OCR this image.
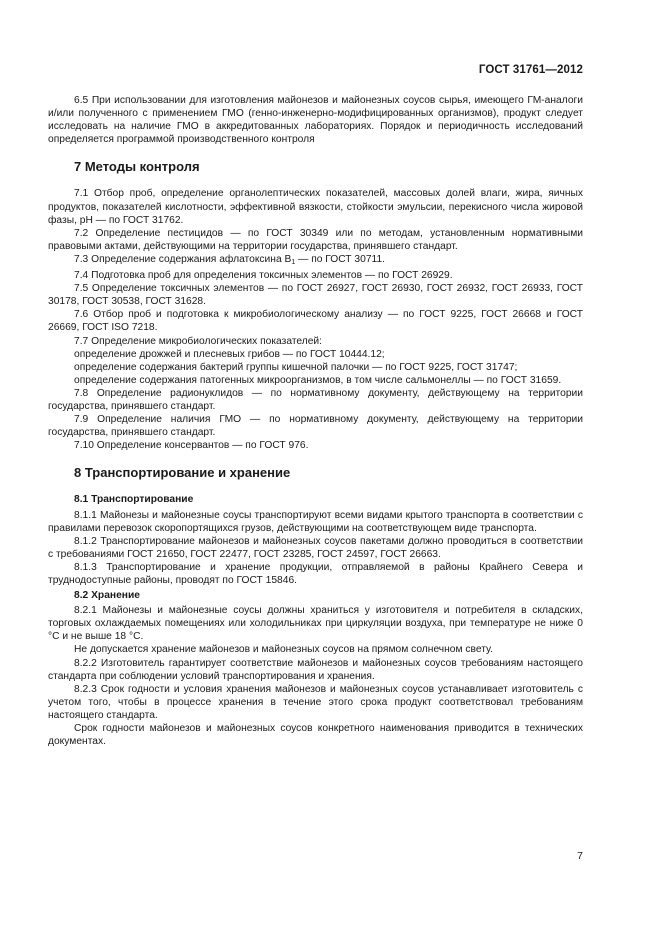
ГОСТ 31761—2012

6.5 При использовании для изготовления майонезов и майонезных соусов сырья, имеющего ГМ-аналоги и/или полученного с применением ГМО (генно-инженерно-модифицированных организмов), продукт следует исследовать на наличие ГМО в аккредитованных лабораториях. Порядок и периодичность исследований определяется программой производственного контроля

7 Методы контроля

7.1 Отбор проб, определение органолептических показателей, массовых долей влаги, жира, яичных продуктов, показателей кислотности, эффективной вязкости, стойкости эмульсии, перекисного числа жировой фазы, рН — по ГОСТ 31762.

7.2 Определение пестицидов — по ГОСТ 30349 или по методам, установленным нормативными правовыми актами, действующими на территории государства, принявшего стандарт.

7.3 Определение содержания афлатоксина $В_1$ — по ГОСТ 30711.

7.4 Подготовка проб для определения токсичных элементов — по ГОСТ 26929.

7.5 Определение токсичных элементов — по ГОСТ 26927, ГОСТ 26930, ГОСТ 26932, ГОСТ 26933, ГОСТ 30178, ГОСТ 30538, ГОСТ 31628.

7.6 Отбор проб и подготовка к микробиологическому анализу — по ГОСТ 9225, ГОСТ 26668 и ГОСТ 26669, ГОСТ ISO 7218.

7.7 Определение микробиологических показателей:

определение дрожжей и плесневых грибов — по ГОСТ 10444.12;

определение содержания бактерий группы кишечной палочки — по ГОСТ 9225, ГОСТ 31747;

определение содержания патогенных микроорганизмов, в том числе сальмонеллы — по ГОСТ 31659.

7.8 Определение радионуклидов — по нормативному документу, действующему на территории государства, принявшего стандарт.

7.9 Определение наличия ГМО — по нормативному документу, действующему на территории государства, принявшего стандарт.

7.10 Определение консервантов — по ГОСТ 976.

8 Транспортирование и хранение
8.1 Транспортирование

8.1.1 Майонезы и майонезные соусы транспортируют всеми видами крытого транспорта в соответствии с правилами перевозок скоропортящихся грузов, действующими на соответствующем виде транспорта.

8.1.2 Транспортирование майонезов и майонезных соусов пакетами должно проводиться в соответствии с требованиями ГОСТ 21650, ГОСТ 22477, ГОСТ 23285, ГОСТ 24597, ГОСТ 26663.

8.1.3 Транспортирование и хранение продукции, отправляемой в районы Крайнего Севера и труднодоступные районы, проводят по ГОСТ 15846.

8.2 Хранение

8.2.1 Майонезы и майонезные соусы должны храниться у изготовителя и потребителя в складских, торговых охлаждаемых помещениях или холодильниках при циркуляции воздуха, при температуре не ниже 0 °С и не выше 18 °С.

Не допускается хранение майонезов и майонезных соусов на прямом солнечном свету.

8.2.2 Изготовитель гарантирует соответствие майонезов и майонезных соусов требованиям настоящего стандарта при соблюдении условий транспортирования и хранения.

8.2.3 Срок годности и условия хранения майонезов и майонезных соусов устанавливает изготовитель с учетом того, чтобы в процессе хранения в течение этого срока продукт соответствовал требованиям настоящего стандарта.

Срок годности майонезов и майонезных соусов конкретного наименования приводится в технических документах.

7
